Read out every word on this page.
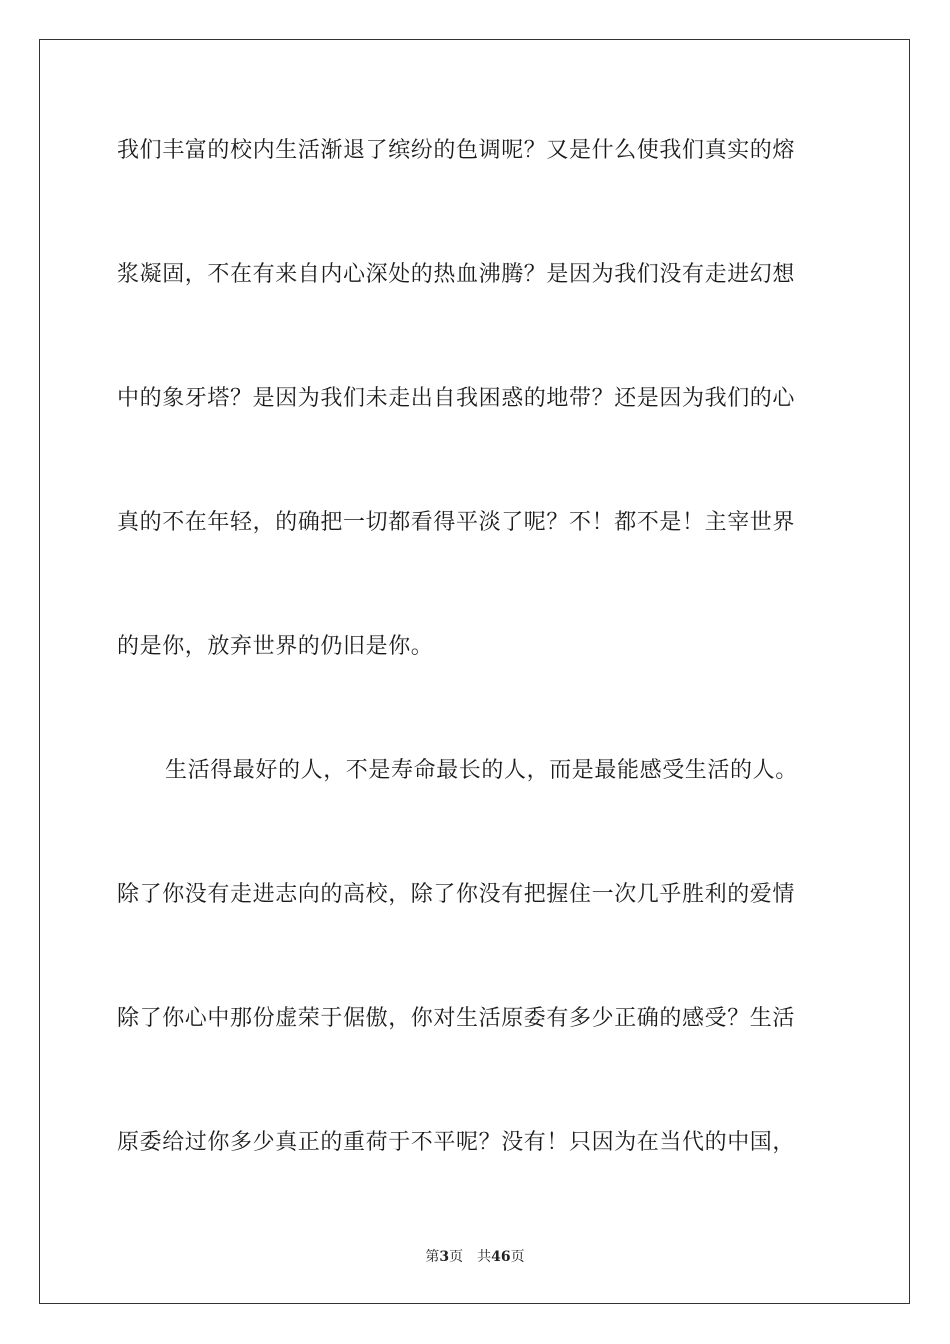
我们丰富的校内生活渐退了缤纷的色调呢？又是什么使我们真实的熔
浆凝固，不在有来自内心深处的热血沸腾？是因为我们没有走进幻想
中的象牙塔？是因为我们未走出自我困惑的地带？还是因为我们的心
真的不在年轻，的确把一切都看得平淡了呢？不！都不是！主宰世界
的是你，放弃世界的仍旧是你。
生活得最好的人，不是寿命最长的人，而是最能感受生活的人。
除了你没有走进志向的高校，除了你没有把握住一次几乎胜利的爱情
除了你心中那份虚荣于倨傲，你对生活原委有多少正确的感受？生活
原委给过你多少真正的重荷于不平呢？没有！只因为在当代的中国，
第3页 共46页
